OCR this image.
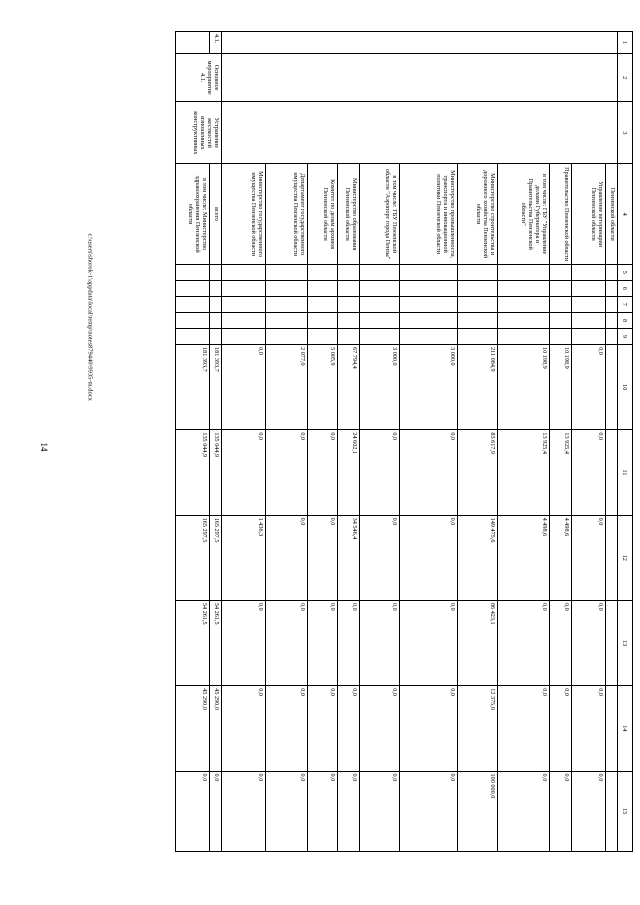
14
c:\users\shorok-1\appdata\local\temp\notes879440\9935-m.docx
1	2	3	4	5	6	7	8	9	10	11	12	13	14	15
			Пензенской области											
			Управление ветеринарии Пензенской области						0,0	0,0	0,0	0,0	0,0	0,0
			Правительство Пензенской области						10 198,9	13 925,4	4 498,6	0,0	0,0	0,0
			в том числе: ГБУ "Управление делами Губернатора и Правительства Пензенской области"						10 198,9	13 925,4	4 498,6	0,0	0,0	0,0
			Министерство строительства и дорожного хозяйства Пензенской области						211 084,9	83 617,9	149 475,6	86 423,1	12 375,0	100 000,0
			Министерство промышленности, транспорта и инновационной политики Пензенской области						3 000,0	0,0	0,0	0,0	0,0	0,0
			в том числе: ГБУ Пензенской области "Аэропорт города Пензы"						3 000,0	0,0	0,0	0,0	0,0	0,0
			Министерство образования Пензенской области						67 794,4	24 602,1	34 546,4	0,0	0,0	0,0
			Комитет по делам архивов Пензенской области						5 005,9	0,0	0,0	0,0	0,0	0,0
			Департамент государственного имущества Пензенской области						2 077,0	0,0	0,0	0,0	0,0	0,0
			Министерство государственного имущества Пензенской области						0,0	0,0	1 436,3	0,0	0,0	0,0
4.1.	Основное мероприятие 4.1.	Устранение жесткостей изношенных конструктивных	всего						181 393,7	135 044,9	165 297,5	54 261,5	45 290,0	0,0
			в том числе: Министерство здравоохранения Пензенской области						181 393,7	135 044,9	165 297,5	54 261,5	45 290,0	0,0
